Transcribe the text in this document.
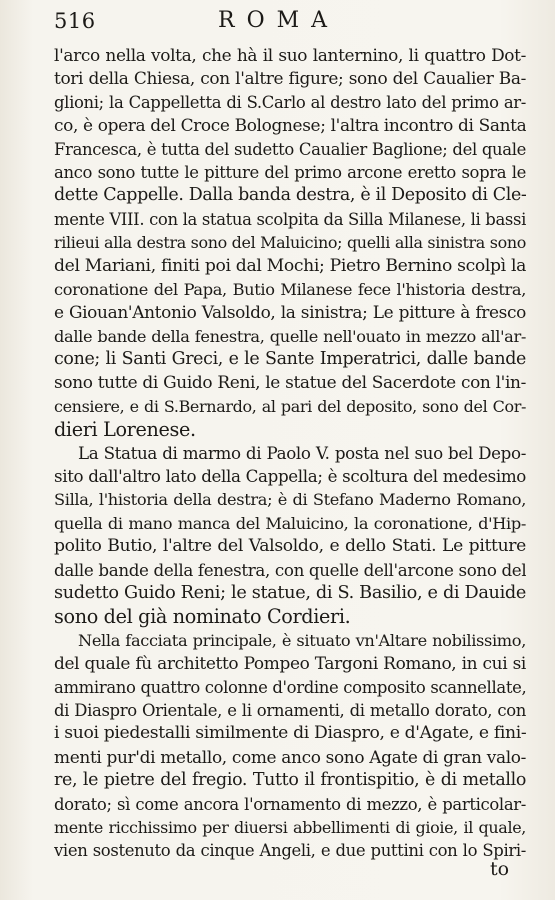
516	ROMA
l'arco nella volta, che hà il suo lanternino, li quattro Dot-
tori della Chiesa, con l'altre figure; sono del Caualier Ba-
glioni; la Cappelletta di S.Carlo al destro lato del primo ar-
co, è opera del Croce Bolognese; l'altra incontro di Santa
Francesca, è tutta del sudetto Caualier Baglione; del quale
anco sono tutte le pitture del primo arcone eretto sopra le
dette Cappelle. Dalla banda destra, è il Deposito di Cle-
mente VIII. con la statua scolpita da Silla Milanese, li bassi
rilieui alla destra sono del Maluicino; quelli alla sinistra sono
del Mariani, finiti poi dal Mochi; Pietro Bernino scolpì la
coronatione del Papa, Butio Milanese fece l'historia destra,
e Giouan'Antonio Valsoldo, la sinistra; Le pitture à fresco
dalle bande della fenestra, quelle nell'ouato in mezzo all'ar-
cone; li Santi Greci, e le Sante Imperatrici, dalle bande
sono tutte di Guido Reni, le statue del Sacerdote con l'in-
censiere, e di S.Bernardo, al pari del deposito, sono del Cor-
dieri Lorenese.
La Statua di marmo di Paolo V. posta nel suo bel Depo-
sito dall'altro lato della Cappella; è scoltura del medesimo
Silla, l'historia della destra; è di Stefano Maderno Romano,
quella di mano manca del Maluicino, la coronatione, d'Hip-
polito Butio, l'altre del Valsoldo, e dello Stati. Le pitture
dalle bande della fenestra, con quelle dell'arcone sono del
sudetto Guido Reni; le statue, di S. Basilio, e di Dauide
sono del già nominato Cordieri.
Nella facciata principale, è situato vn'Altare nobilissimo,
del quale fù architetto Pompeo Targoni Romano, in cui si
ammirano quattro colonne d'ordine composito scannellate,
di Diaspro Orientale, e li ornamenti, di metallo dorato, con
i suoi piedestalli similmente di Diaspro, e d'Agate, e fini-
menti pur'di metallo, come anco sono Agate di gran valo-
re, le pietre del fregio. Tutto il frontispitio, è di metallo
dorato; sì come ancora l'ornamento di mezzo, è particolar-
mente ricchissimo per diuersi abbellimenti di gioie, il quale,
vien sostenuto da cinque Angeli, e due puttini con lo Spiri-
to
